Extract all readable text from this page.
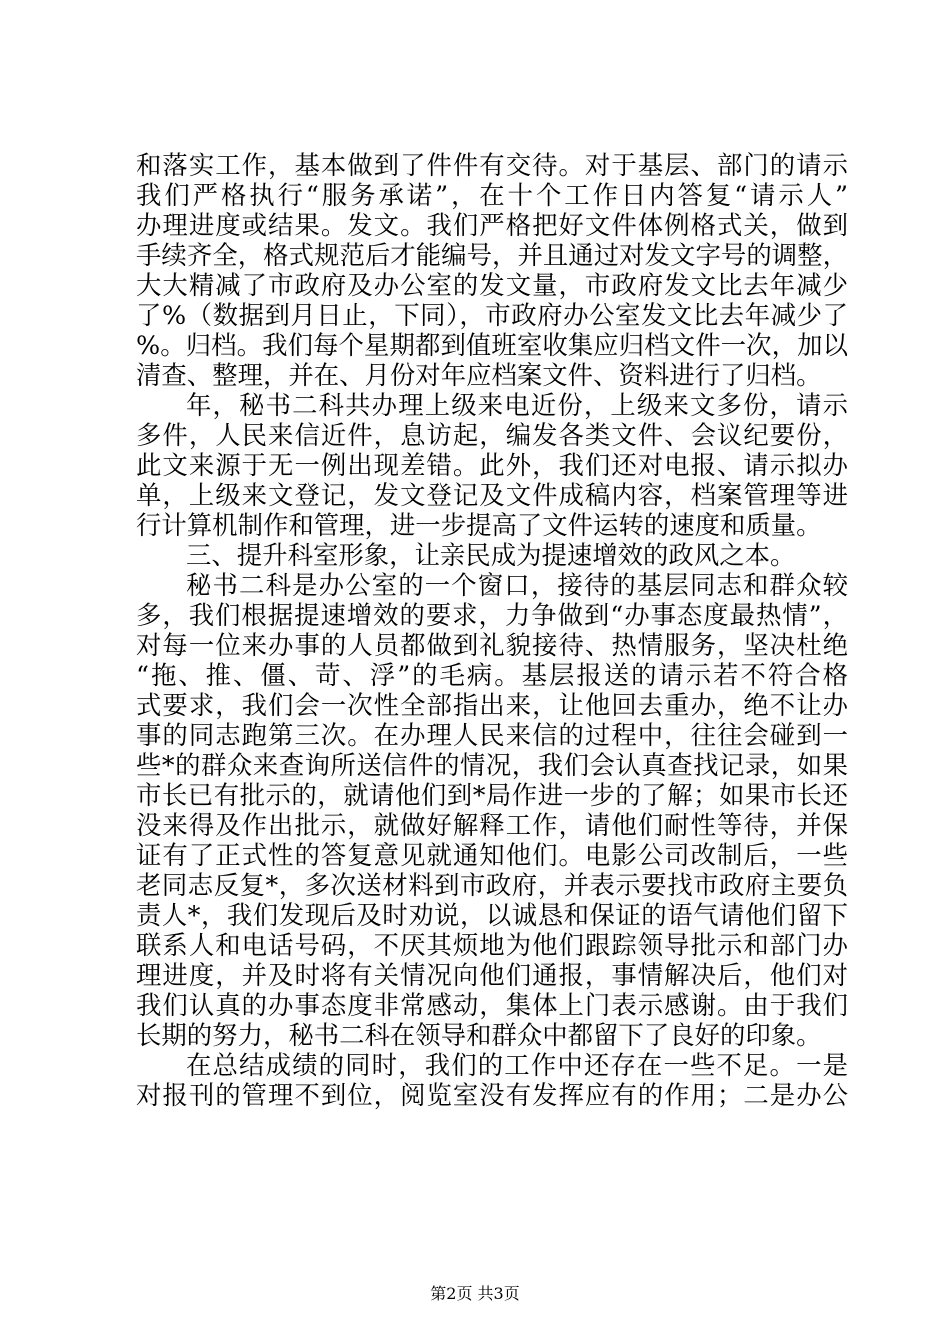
和落实工作，基本做到了件件有交待。对于基层、部门的请示
我们严格执行“服务承诺”，在十个工作日内答复“请示人”
办理进度或结果。发文。我们严格把好文件体例格式关，做到
手续齐全，格式规范后才能编号，并且通过对发文字号的调整，
大大精减了市政府及办公室的发文量，市政府发文比去年减少
了%（数据到月日止，下同），市政府办公室发文比去年减少了
%。归档。我们每个星期都到值班室收集应归档文件一次，加以
清查、整理，并在、月份对年应档案文件、资料进行了归档。
年，秘书二科共办理上级来电近份，上级来文多份，请示
多件，人民来信近件，息访起，编发各类文件、会议纪要份，
此文来源于无一例出现差错。此外，我们还对电报、请示拟办
单，上级来文登记，发文登记及文件成稿内容，档案管理等进
行计算机制作和管理，进一步提高了文件运转的速度和质量。
三、提升科室形象，让亲民成为提速增效的政风之本。
秘书二科是办公室的一个窗口，接待的基层同志和群众较
多，我们根据提速增效的要求，力争做到“办事态度最热情”，
对每一位来办事的人员都做到礼貌接待、热情服务，坚决杜绝
“拖、推、僵、苛、浮”的毛病。基层报送的请示若不符合格
式要求，我们会一次性全部指出来，让他回去重办，绝不让办
事的同志跑第三次。在办理人民来信的过程中，往往会碰到一
些*的群众来查询所送信件的情况，我们会认真查找记录，如果
市长已有批示的，就请他们到*局作进一步的了解；如果市长还
没来得及作出批示，就做好解释工作，请他们耐性等待，并保
证有了正式性的答复意见就通知他们。电影公司改制后，一些
老同志反复*，多次送材料到市政府，并表示要找市政府主要负
责人*，我们发现后及时劝说，以诚恳和保证的语气请他们留下
联系人和电话号码，不厌其烦地为他们跟踪领导批示和部门办
理进度，并及时将有关情况向他们通报，事情解决后，他们对
我们认真的办事态度非常感动，集体上门表示感谢。由于我们
长期的努力，秘书二科在领导和群众中都留下了良好的印象。
在总结成绩的同时，我们的工作中还存在一些不足。一是
对报刊的管理不到位，阅览室没有发挥应有的作用；二是办公
第2页 共3页
